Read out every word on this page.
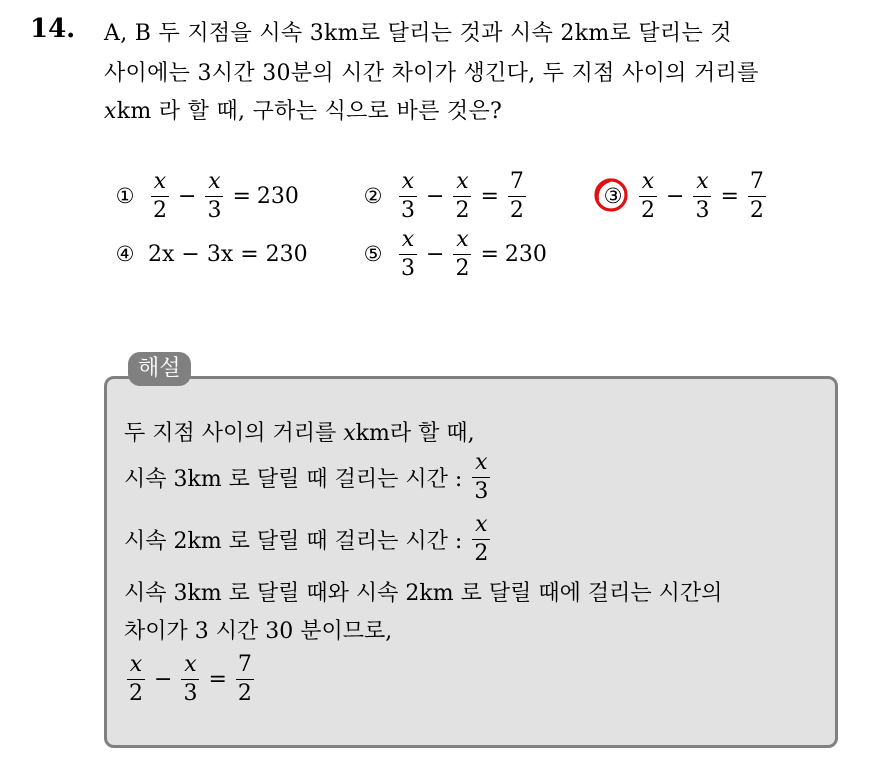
14. A, B 두 지점을 시속 3km로 달리는 것과 시속 2km로 달리는 것
사이에는 3시간 30분의 시간 차이가 생긴다, 두 지점 사이의 거리를
xkm 라 할 때, 구하는 식으로 바른 것은?
① $\frac{x}{2} - \frac{x}{3} = 230$	② $\frac{x}{3} - \frac{x}{2} = \frac{7}{2}$	③ $\frac{x}{2} - \frac{x}{3} = \frac{7}{2}$
④ 2x − 3x = 230	⑤ $\frac{x}{3} - \frac{x}{2} = 230$
해설
두 지점 사이의 거리를 xkm라 할 때,
시속 3km 로 달릴 때 걸리는 시간 : $\frac{x}{3}$
시속 2km 로 달릴 때 걸리는 시간 : $\frac{x}{2}$
시속 3km 로 달릴 때와 시속 2km 로 달릴 때에 걸리는 시간의
차이가 3 시간 30 분이므로,
$\frac{x}{2} - \frac{x}{3} = \frac{7}{2}$
